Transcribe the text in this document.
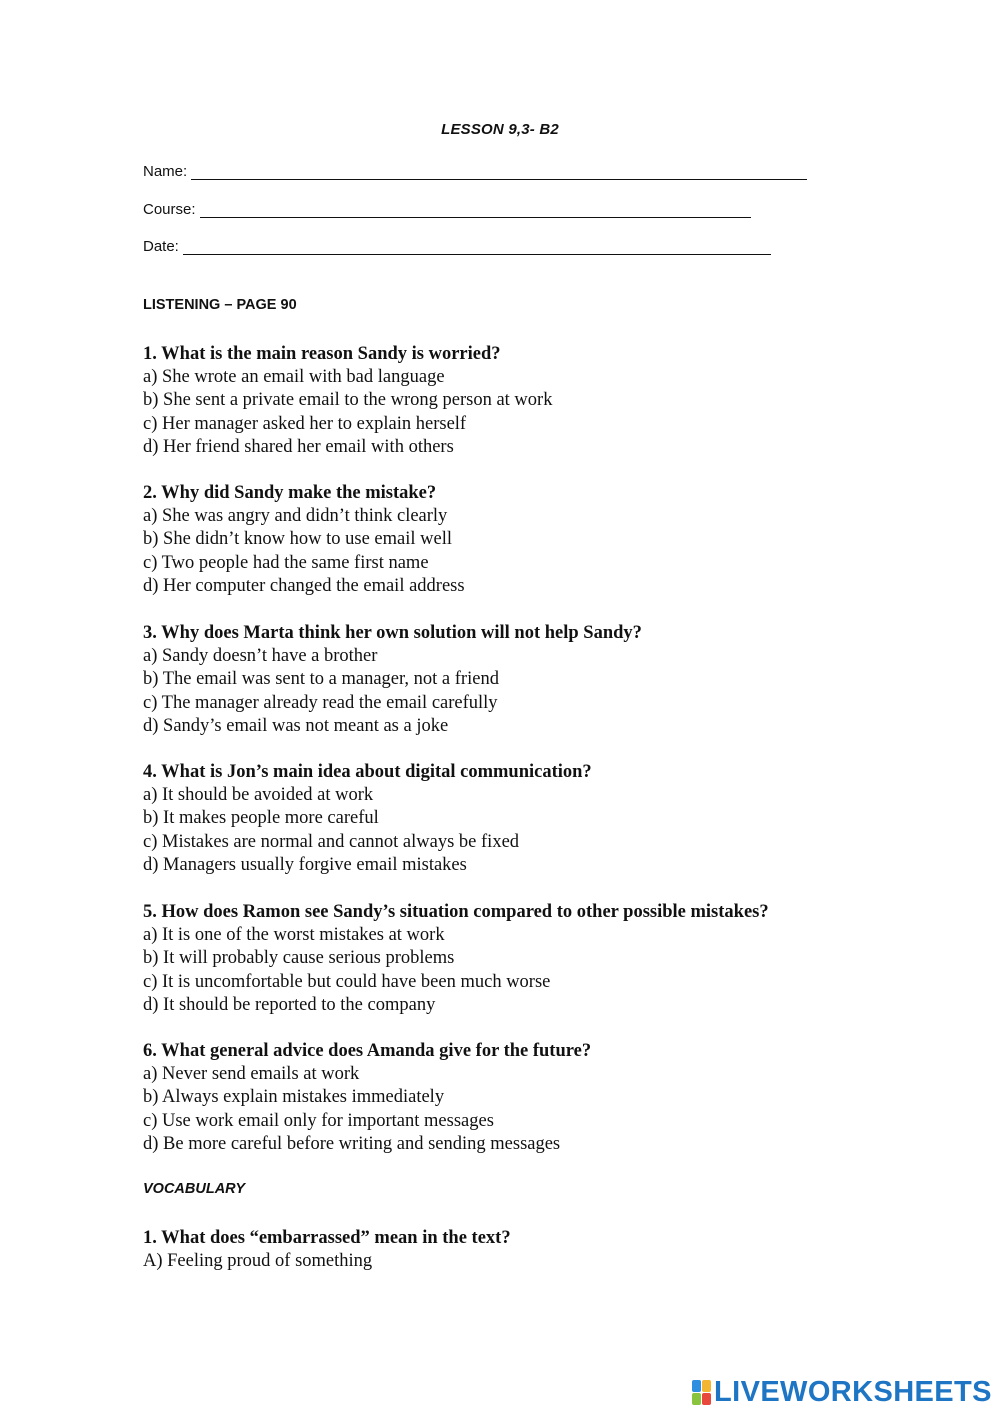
LESSON 9,3- B2
Name:
Course:
Date:
LISTENING – PAGE 90
1. What is the main reason Sandy is worried?
a) She wrote an email with bad language
b) She sent a private email to the wrong person at work
c) Her manager asked her to explain herself
d) Her friend shared her email with others
2. Why did Sandy make the mistake?
a) She was angry and didn’t think clearly
b) She didn’t know how to use email well
c) Two people had the same first name
d) Her computer changed the email address
3. Why does Marta think her own solution will not help Sandy?
a) Sandy doesn’t have a brother
b) The email was sent to a manager, not a friend
c) The manager already read the email carefully
d) Sandy’s email was not meant as a joke
4. What is Jon’s main idea about digital communication?
a) It should be avoided at work
b) It makes people more careful
c) Mistakes are normal and cannot always be fixed
d) Managers usually forgive email mistakes
5. How does Ramon see Sandy’s situation compared to other possible mistakes?
a) It is one of the worst mistakes at work
b) It will probably cause serious problems
c) It is uncomfortable but could have been much worse
d) It should be reported to the company
6. What general advice does Amanda give for the future?
a) Never send emails at work
b) Always explain mistakes immediately
c) Use work email only for important messages
d) Be more careful before writing and sending messages
VOCABULARY
1. What does “embarrassed” mean in the text?
A) Feeling proud of something
LIVEWORKSHEETS
